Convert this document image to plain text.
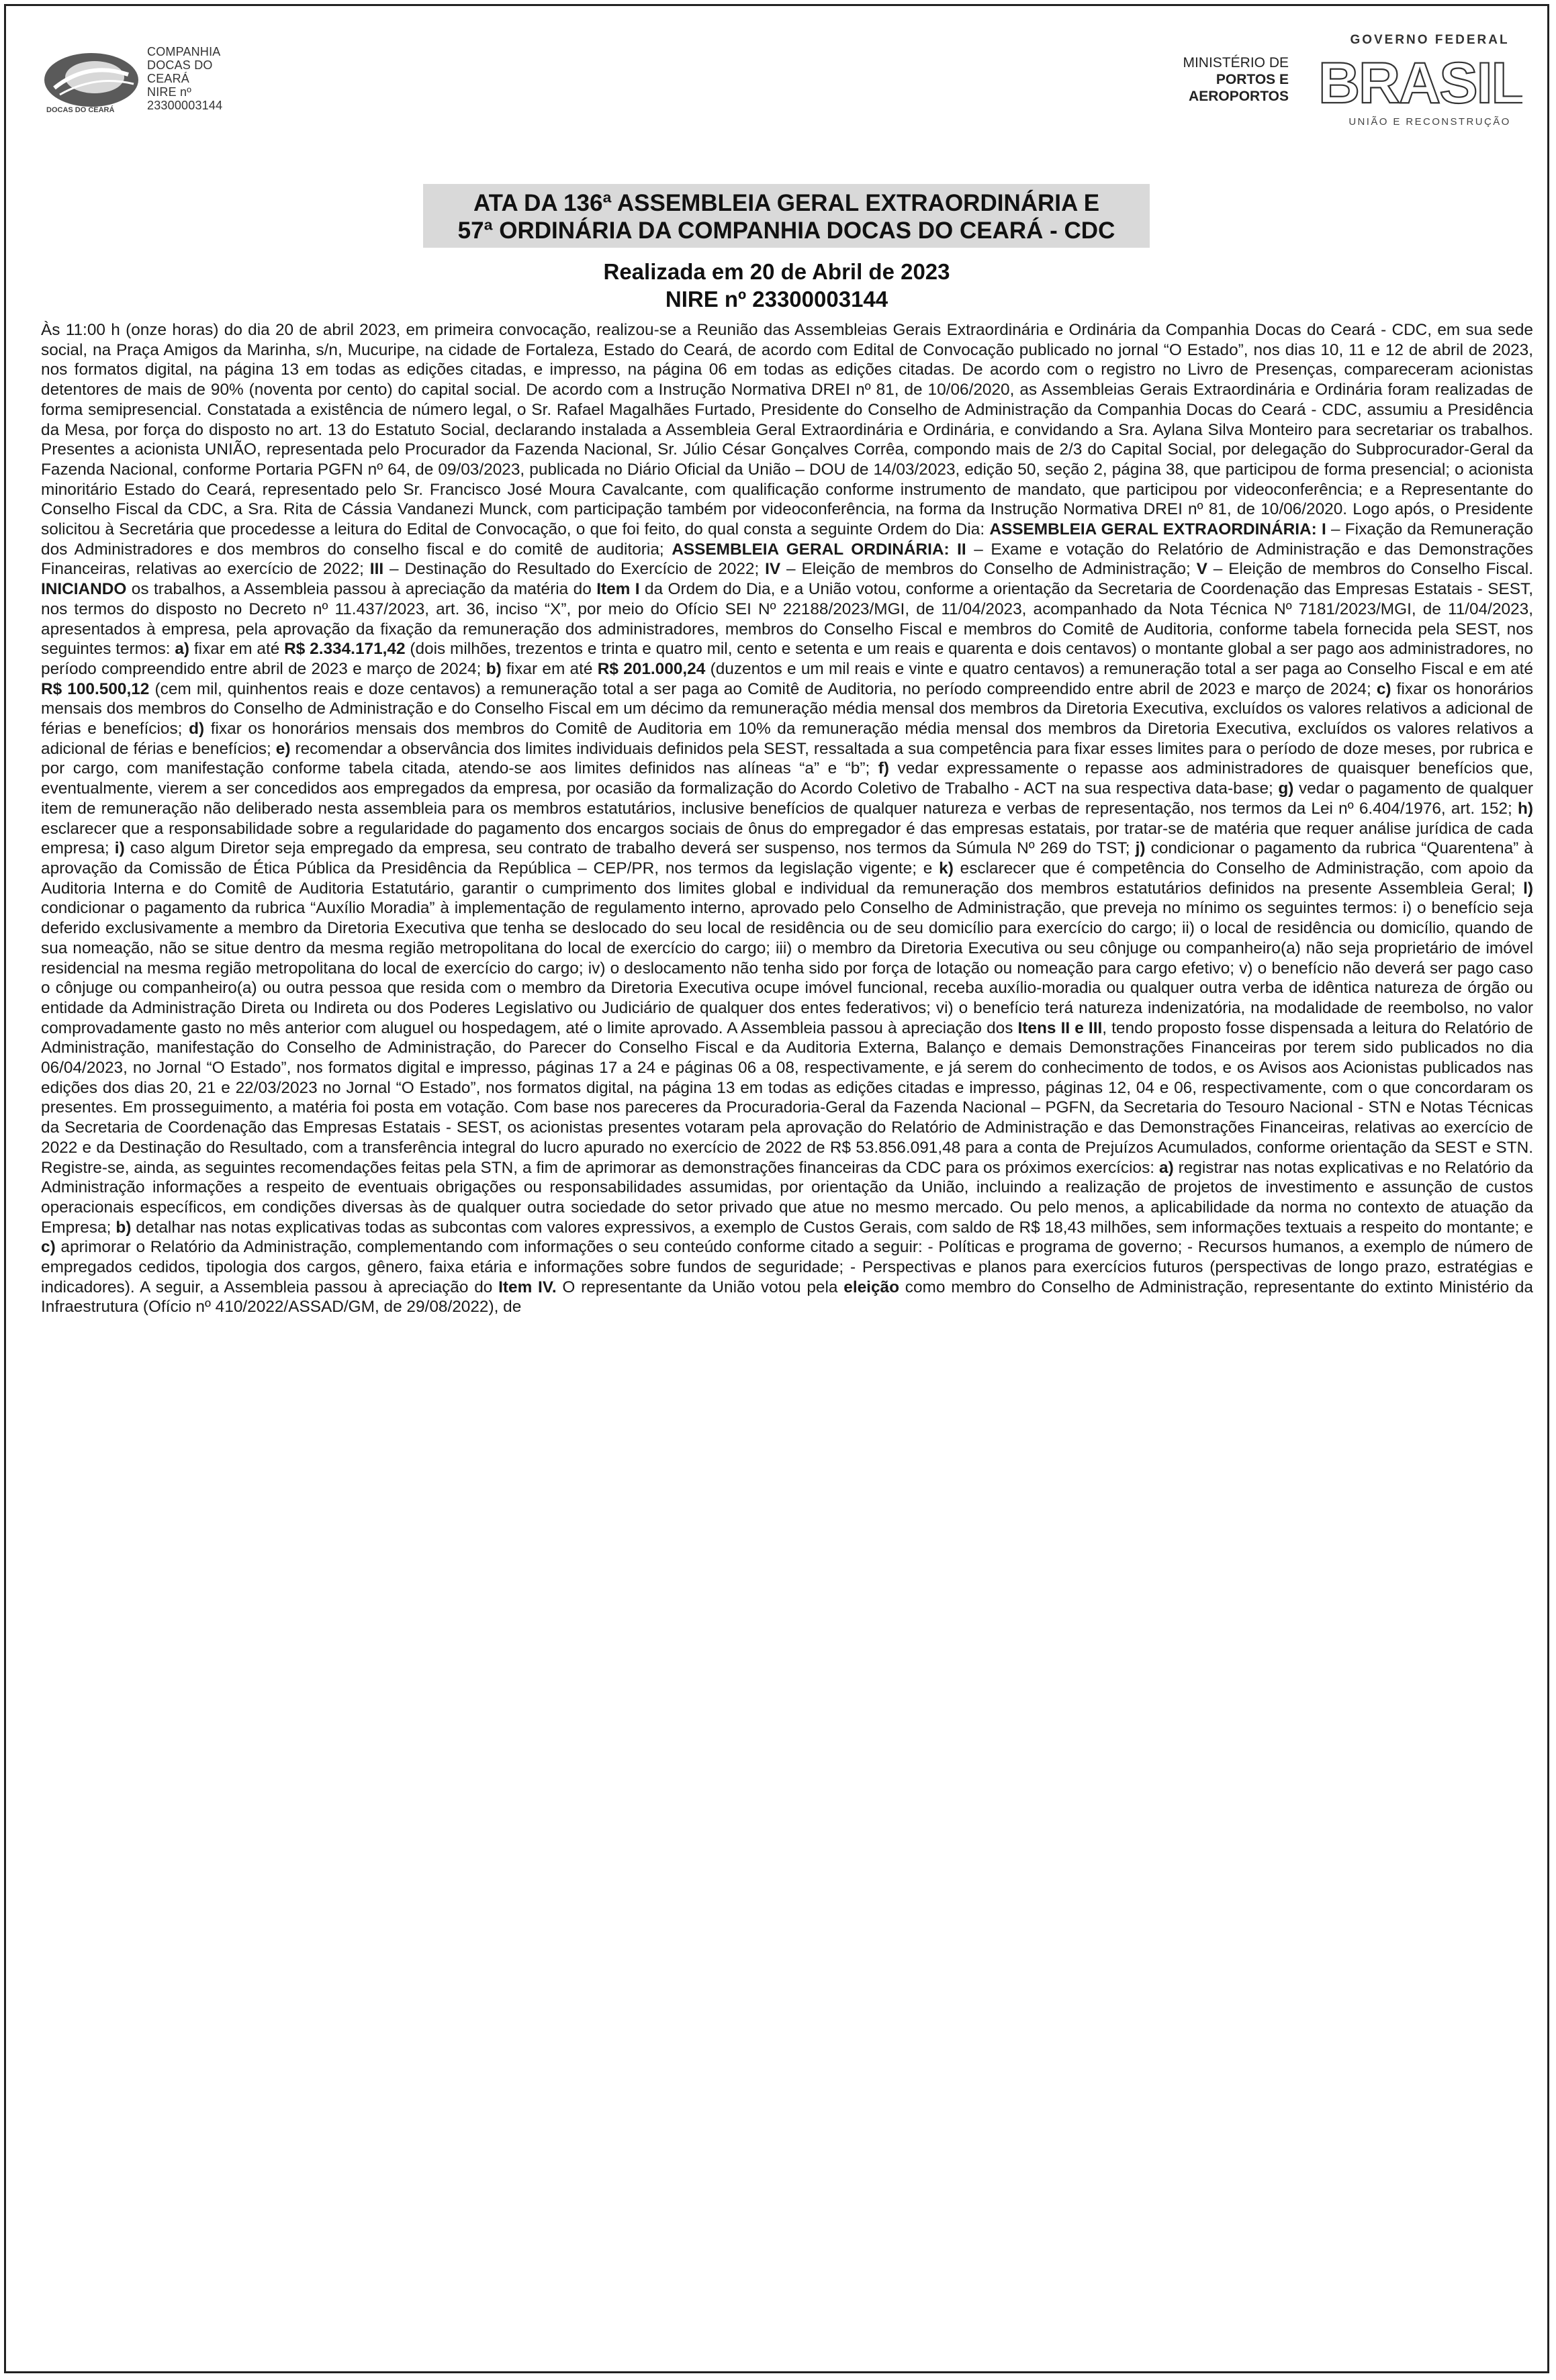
DOCAS DO CEARÁ
COMPANHIA
DOCAS DO
CEARÁ
NIRE nº
23300003144
MINISTÉRIO DE
PORTOS E
AEROPORTOS
GOVERNO FEDERAL
BRASIL
UNIÃO E RECONSTRUÇÃO
ATA DA 136ª ASSEMBLEIA GERAL EXTRAORDINÁRIA E
57ª ORDINÁRIA DA COMPANHIA DOCAS DO CEARÁ - CDC
Realizada em 20 de Abril de 2023
NIRE nº 23300003144

Às 11:00 h (onze horas) do dia 20 de abril 2023, em primeira convocação, realizou-se a Reunião das Assembleias Gerais Extraordinária e Ordinária da Companhia Docas do Ceará - CDC, em sua sede social, na Praça Amigos da Marinha, s/n, Mucuripe, na cidade de Fortaleza, Estado do Ceará, de acordo com Edital de Convocação publicado no jornal “O Estado”, nos dias 10, 11 e 12 de abril de 2023, nos formatos digital, na página 13 em todas as edições citadas, e impresso, na página 06 em todas as edições citadas. De acordo com o registro no Livro de Presenças, compareceram acionistas detentores de mais de 90% (noventa por cento) do capital social. De acordo com a Instrução Normativa DREI nº 81, de 10/06/2020, as Assembleias Gerais Extraordinária e Ordinária foram realizadas de forma semipresencial. Constatada a existência de número legal, o Sr. Rafael Magalhães Furtado, Presidente do Conselho de Administração da Companhia Docas do Ceará - CDC, assumiu a Presidência da Mesa, por força do disposto no art. 13 do Estatuto Social, declarando instalada a Assembleia Geral Extraordinária e Ordinária, e convidando a Sra. Aylana Silva Monteiro para secretariar os trabalhos. Presentes a acionista UNIÃO, representada pelo Procurador da Fazenda Nacional, Sr. Júlio César Gonçalves Corrêa, compondo mais de 2/3 do Capital Social, por delegação do Subprocurador-Geral da Fazenda Nacional, conforme Portaria PGFN nº 64, de 09/03/2023, publicada no Diário Oficial da União – DOU de 14/03/2023, edição 50, seção 2, página 38, que participou de forma presencial; o acionista minoritário Estado do Ceará, representado pelo Sr. Francisco José Moura Cavalcante, com qualificação conforme instrumento de mandato, que participou por videoconferência; e a Representante do Conselho Fiscal da CDC, a Sra. Rita de Cássia Vandanezi Munck, com participação também por videoconferência, na forma da Instrução Normativa DREI nº 81, de 10/06/2020. Logo após, o Presidente solicitou à Secretária que procedesse a leitura do Edital de Convocação, o que foi feito, do qual consta a seguinte Ordem do Dia: ASSEMBLEIA GERAL EXTRAORDINÁRIA: I – Fixação da Remuneração dos Administradores e dos membros do conselho fiscal e do comitê de auditoria; ASSEMBLEIA GERAL ORDINÁRIA: II – Exame e votação do Relatório de Administração e das Demonstrações Financeiras, relativas ao exercício de 2022; III – Destinação do Resultado do Exercício de 2022; IV – Eleição de membros do Conselho de Administração; V – Eleição de membros do Conselho Fiscal. INICIANDO os trabalhos, a Assembleia passou à apreciação da matéria do Item I da Ordem do Dia, e a União votou, conforme a orientação da Secretaria de Coordenação das Empresas Estatais - SEST, nos termos do disposto no Decreto nº 11.437/2023, art. 36, inciso “X”, por meio do Ofício SEI Nº 22188/2023/MGI, de 11/04/2023, acompanhado da Nota Técnica Nº 7181/2023/MGI, de 11/04/2023, apresentados à empresa, pela aprovação da fixação da remuneração dos administradores, membros do Conselho Fiscal e membros do Comitê de Auditoria, conforme tabela fornecida pela SEST, nos seguintes termos: a) fixar em até R$ 2.334.171,42 (dois milhões, trezentos e trinta e quatro mil, cento e setenta e um reais e quarenta e dois centavos) o montante global a ser pago aos administradores, no período compreendido entre abril de 2023 e março de 2024; b) fixar em até R$ 201.000,24 (duzentos e um mil reais e vinte e quatro centavos) a remuneração total a ser paga ao Conselho Fiscal e em até R$ 100.500,12 (cem mil, quinhentos reais e doze centavos) a remuneração total a ser paga ao Comitê de Auditoria, no período compreendido entre abril de 2023 e março de 2024; c) fixar os honorários mensais dos membros do Conselho de Administração e do Conselho Fiscal em um décimo da remuneração média mensal dos membros da Diretoria Executiva, excluídos os valores relativos a adicional de férias e benefícios; d) fixar os honorários mensais dos membros do Comitê de Auditoria em 10% da remuneração média mensal dos membros da Diretoria Executiva, excluídos os valores relativos a adicional de férias e benefícios; e) recomendar a observância dos limites individuais definidos pela SEST, ressaltada a sua competência para fixar esses limites para o período de doze meses, por rubrica e por cargo, com manifestação conforme tabela citada, atendo-se aos limites definidos nas alíneas “a” e “b”; f) vedar expressamente o repasse aos administradores de quaisquer benefícios que, eventualmente, vierem a ser concedidos aos empregados da empresa, por ocasião da formalização do Acordo Coletivo de Trabalho - ACT na sua respectiva data-base; g) vedar o pagamento de qualquer item de remuneração não deliberado nesta assembleia para os membros estatutários, inclusive benefícios de qualquer natureza e verbas de representação, nos termos da Lei nº 6.404/1976, art. 152; h) esclarecer que a responsabilidade sobre a regularidade do pagamento dos encargos sociais de ônus do empregador é das empresas estatais, por tratar-se de matéria que requer análise jurídica de cada empresa; i) caso algum Diretor seja empregado da empresa, seu contrato de trabalho deverá ser suspenso, nos termos da Súmula Nº 269 do TST; j) condicionar o pagamento da rubrica “Quarentena” à aprovação da Comissão de Ética Pública da Presidência da República – CEP/PR, nos termos da legislação vigente; e k) esclarecer que é competência do Conselho de Administração, com apoio da Auditoria Interna e do Comitê de Auditoria Estatutário, garantir o cumprimento dos limites global e individual da remuneração dos membros estatutários definidos na presente Assembleia Geral; l) condicionar o pagamento da rubrica “Auxílio Moradia” à implementação de regulamento interno, aprovado pelo Conselho de Administração, que preveja no mínimo os seguintes termos: i) o benefício seja deferido exclusivamente a membro da Diretoria Executiva que tenha se deslocado do seu local de residência ou de seu domicílio para exercício do cargo; ii) o local de residência ou domicílio, quando de sua nomeação, não se situe dentro da mesma região metropolitana do local de exercício do cargo; iii) o membro da Diretoria Executiva ou seu cônjuge ou companheiro(a) não seja proprietário de imóvel residencial na mesma região metropolitana do local de exercício do cargo; iv) o deslocamento não tenha sido por força de lotação ou nomeação para cargo efetivo; v) o benefício não deverá ser pago caso o cônjuge ou companheiro(a) ou outra pessoa que resida com o membro da Diretoria Executiva ocupe imóvel funcional, receba auxílio-moradia ou qualquer outra verba de idêntica natureza de órgão ou entidade da Administração Direta ou Indireta ou dos Poderes Legislativo ou Judiciário de qualquer dos entes federativos; vi) o benefício terá natureza indenizatória, na modalidade de reembolso, no valor comprovadamente gasto no mês anterior com aluguel ou hospedagem, até o limite aprovado. A Assembleia passou à apreciação dos Itens II e III, tendo proposto fosse dispensada a leitura do Relatório de Administração, manifestação do Conselho de Administração, do Parecer do Conselho Fiscal e da Auditoria Externa, Balanço e demais Demonstrações Financeiras por terem sido publicados no dia 06/04/2023, no Jornal “O Estado”, nos formatos digital e impresso, páginas 17 a 24 e páginas 06 a 08, respectivamente, e já serem do conhecimento de todos, e os Avisos aos Acionistas publicados nas edições dos dias 20, 21 e 22/03/2023 no Jornal “O Estado”, nos formatos digital, na página 13 em todas as edições citadas e impresso, páginas 12, 04 e 06, respectivamente, com o que concordaram os presentes. Em prosseguimento, a matéria foi posta em votação. Com base nos pareceres da Procuradoria-Geral da Fazenda Nacional – PGFN, da Secretaria do Tesouro Nacional - STN e Notas Técnicas da Secretaria de Coordenação das Empresas Estatais - SEST, os acionistas presentes votaram pela aprovação do Relatório de Administração e das Demonstrações Financeiras, relativas ao exercício de 2022 e da Destinação do Resultado, com a transferência integral do lucro apurado no exercício de 2022 de R$ 53.856.091,48 para a conta de Prejuízos Acumulados, conforme orientação da SEST e STN. Registre-se, ainda, as seguintes recomendações feitas pela STN, a fim de aprimorar as demonstrações financeiras da CDC para os próximos exercícios: a) registrar nas notas explicativas e no Relatório da Administração informações a respeito de eventuais obrigações ou responsabilidades assumidas, por orientação da União, incluindo a realização de projetos de investimento e assunção de custos operacionais específicos, em condições diversas às de qualquer outra sociedade do setor privado que atue no mesmo mercado. Ou pelo menos, a aplicabilidade da norma no contexto de atuação da Empresa; b) detalhar nas notas explicativas todas as subcontas com valores expressivos, a exemplo de Custos Gerais, com saldo de R$ 18,43 milhões, sem informações textuais a respeito do montante; e c) aprimorar o Relatório da Administração, complementando com informações o seu conteúdo conforme citado a seguir: - Políticas e programa de governo; - Recursos humanos, a exemplo de número de empregados cedidos, tipologia dos cargos, gênero, faixa etária e informações sobre fundos de seguridade; - Perspectivas e planos para exercícios futuros (perspectivas de longo prazo, estratégias e indicadores). A seguir, a Assembleia passou à apreciação do Item IV. O representante da União votou pela eleição como membro do Conselho de Administração, representante do extinto Ministério da Infraestrutura (Ofício nº 410/2022/ASSAD/GM, de 29/08/2022), de
